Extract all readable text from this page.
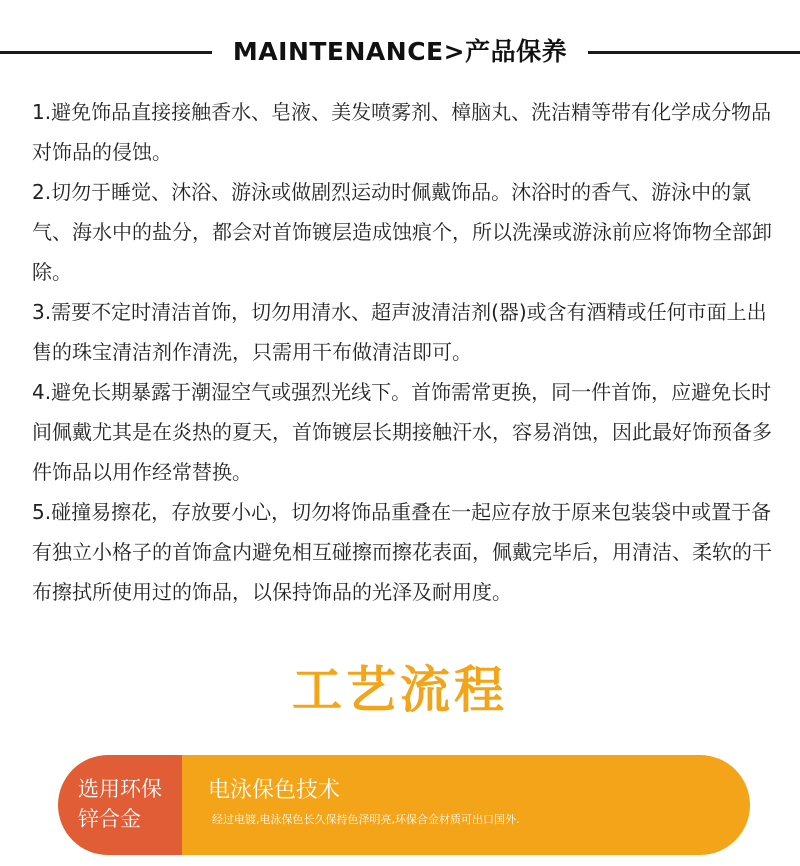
MAINTENANCE>产品保养

1.避免饰品直接接触香水、皂液、美发喷雾剂、樟脑丸、洗洁精等带有化学成分物品对饰品的侵蚀。

2.切勿于睡觉、沐浴、游泳或做剧烈运动时佩戴饰品。沐浴时的香气、游泳中的氯气、海水中的盐分，都会对首饰镀层造成蚀痕个，所以洗澡或游泳前应将饰物全部卸除。

3.需要不定时清洁首饰，切勿用清水、超声波清洁剂(器)或含有酒精或任何市面上出售的珠宝清洁剂作清洗，只需用干布做清洁即可。

4.避免长期暴露于潮湿空气或强烈光线下。首饰需常更换，同一件首饰，应避免长时间佩戴尤其是在炎热的夏天，首饰镀层长期接触汗水，容易消蚀，因此最好饰预备多件饰品以用作经常替换。

5.碰撞易擦花，存放要小心，切勿将饰品重叠在一起应存放于原来包装袋中或置于备有独立小格子的首饰盒内避免相互碰擦而擦花表面，佩戴完毕后，用清洁、柔软的干布擦拭所使用过的饰品，以保持饰品的光泽及耐用度。

工艺流程
选用环保锌合金
电泳保色技术
经过电镀,电泳保色长久保持色泽明亮,环保合金材质可出口国外.
